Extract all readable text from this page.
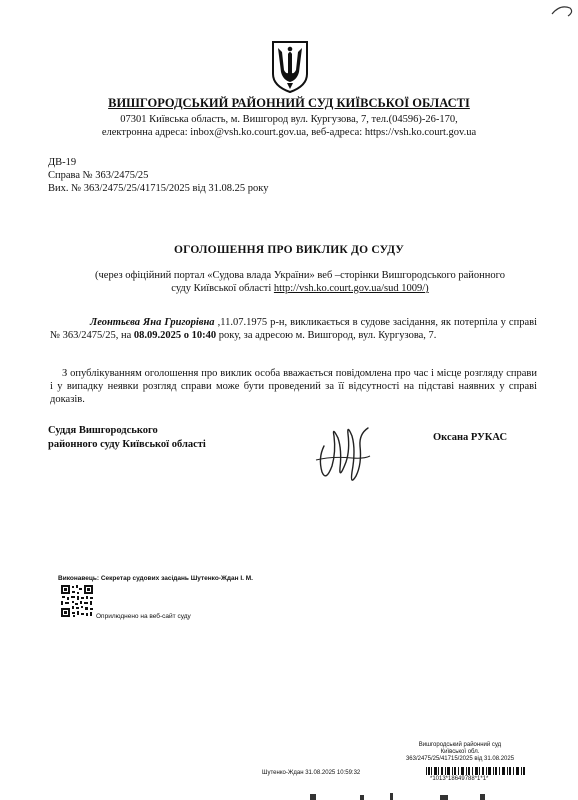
ВИШГОРОДСЬКИЙ РАЙОННИЙ СУД КИЇВСЬКОЇ ОБЛАСТІ
07301 Київська область, м. Вишгород вул. Кургузова, 7, тел.(04596)-26-170,
електронна адреса: inbox@vsh.ko.court.gov.ua, веб-адреса: https://vsh.ko.court.gov.ua
ДВ-19
Справа № 363/2475/25
Вих. № 363/2475/25/41715/2025 від 31.08.25 року
ОГОЛОШЕННЯ ПРО ВИКЛИК ДО СУДУ
(через офіційний портал «Судова влада України» веб –сторінки Вишгородського районного
суду Київської області http://vsh.ko.court.gov.ua/sud 1009/)
Леонтьєва Яна Григорівна ,11.07.1975 р-н, викликається в судове засідання, як потерпіла у справі № 363/2475/25, на 08.09.2025 о 10:40 року, за адресою м. Вишгород, вул. Кургузова, 7.
З опублікуванням оголошення про виклик особа вважається повідомлена про час і місце розгляду справи і у випадку неявки розгляд справи може бути проведений за її відсутності на підставі наявних у справі доказів.
Суддя Вишгородського
районного суду Київської області
Оксана РУКАС
Виконавець: Секретар судових засідань Шутенко-Ждан І. М.
Оприлюднено на веб-сайт суду
Вишгородський районний суд
Київської обл.
363/2475/25/41715/2025 від 31.08.2025
*1013*18649788*1*1*
Шутенко-Ждан 31.08.2025 10:59:32
